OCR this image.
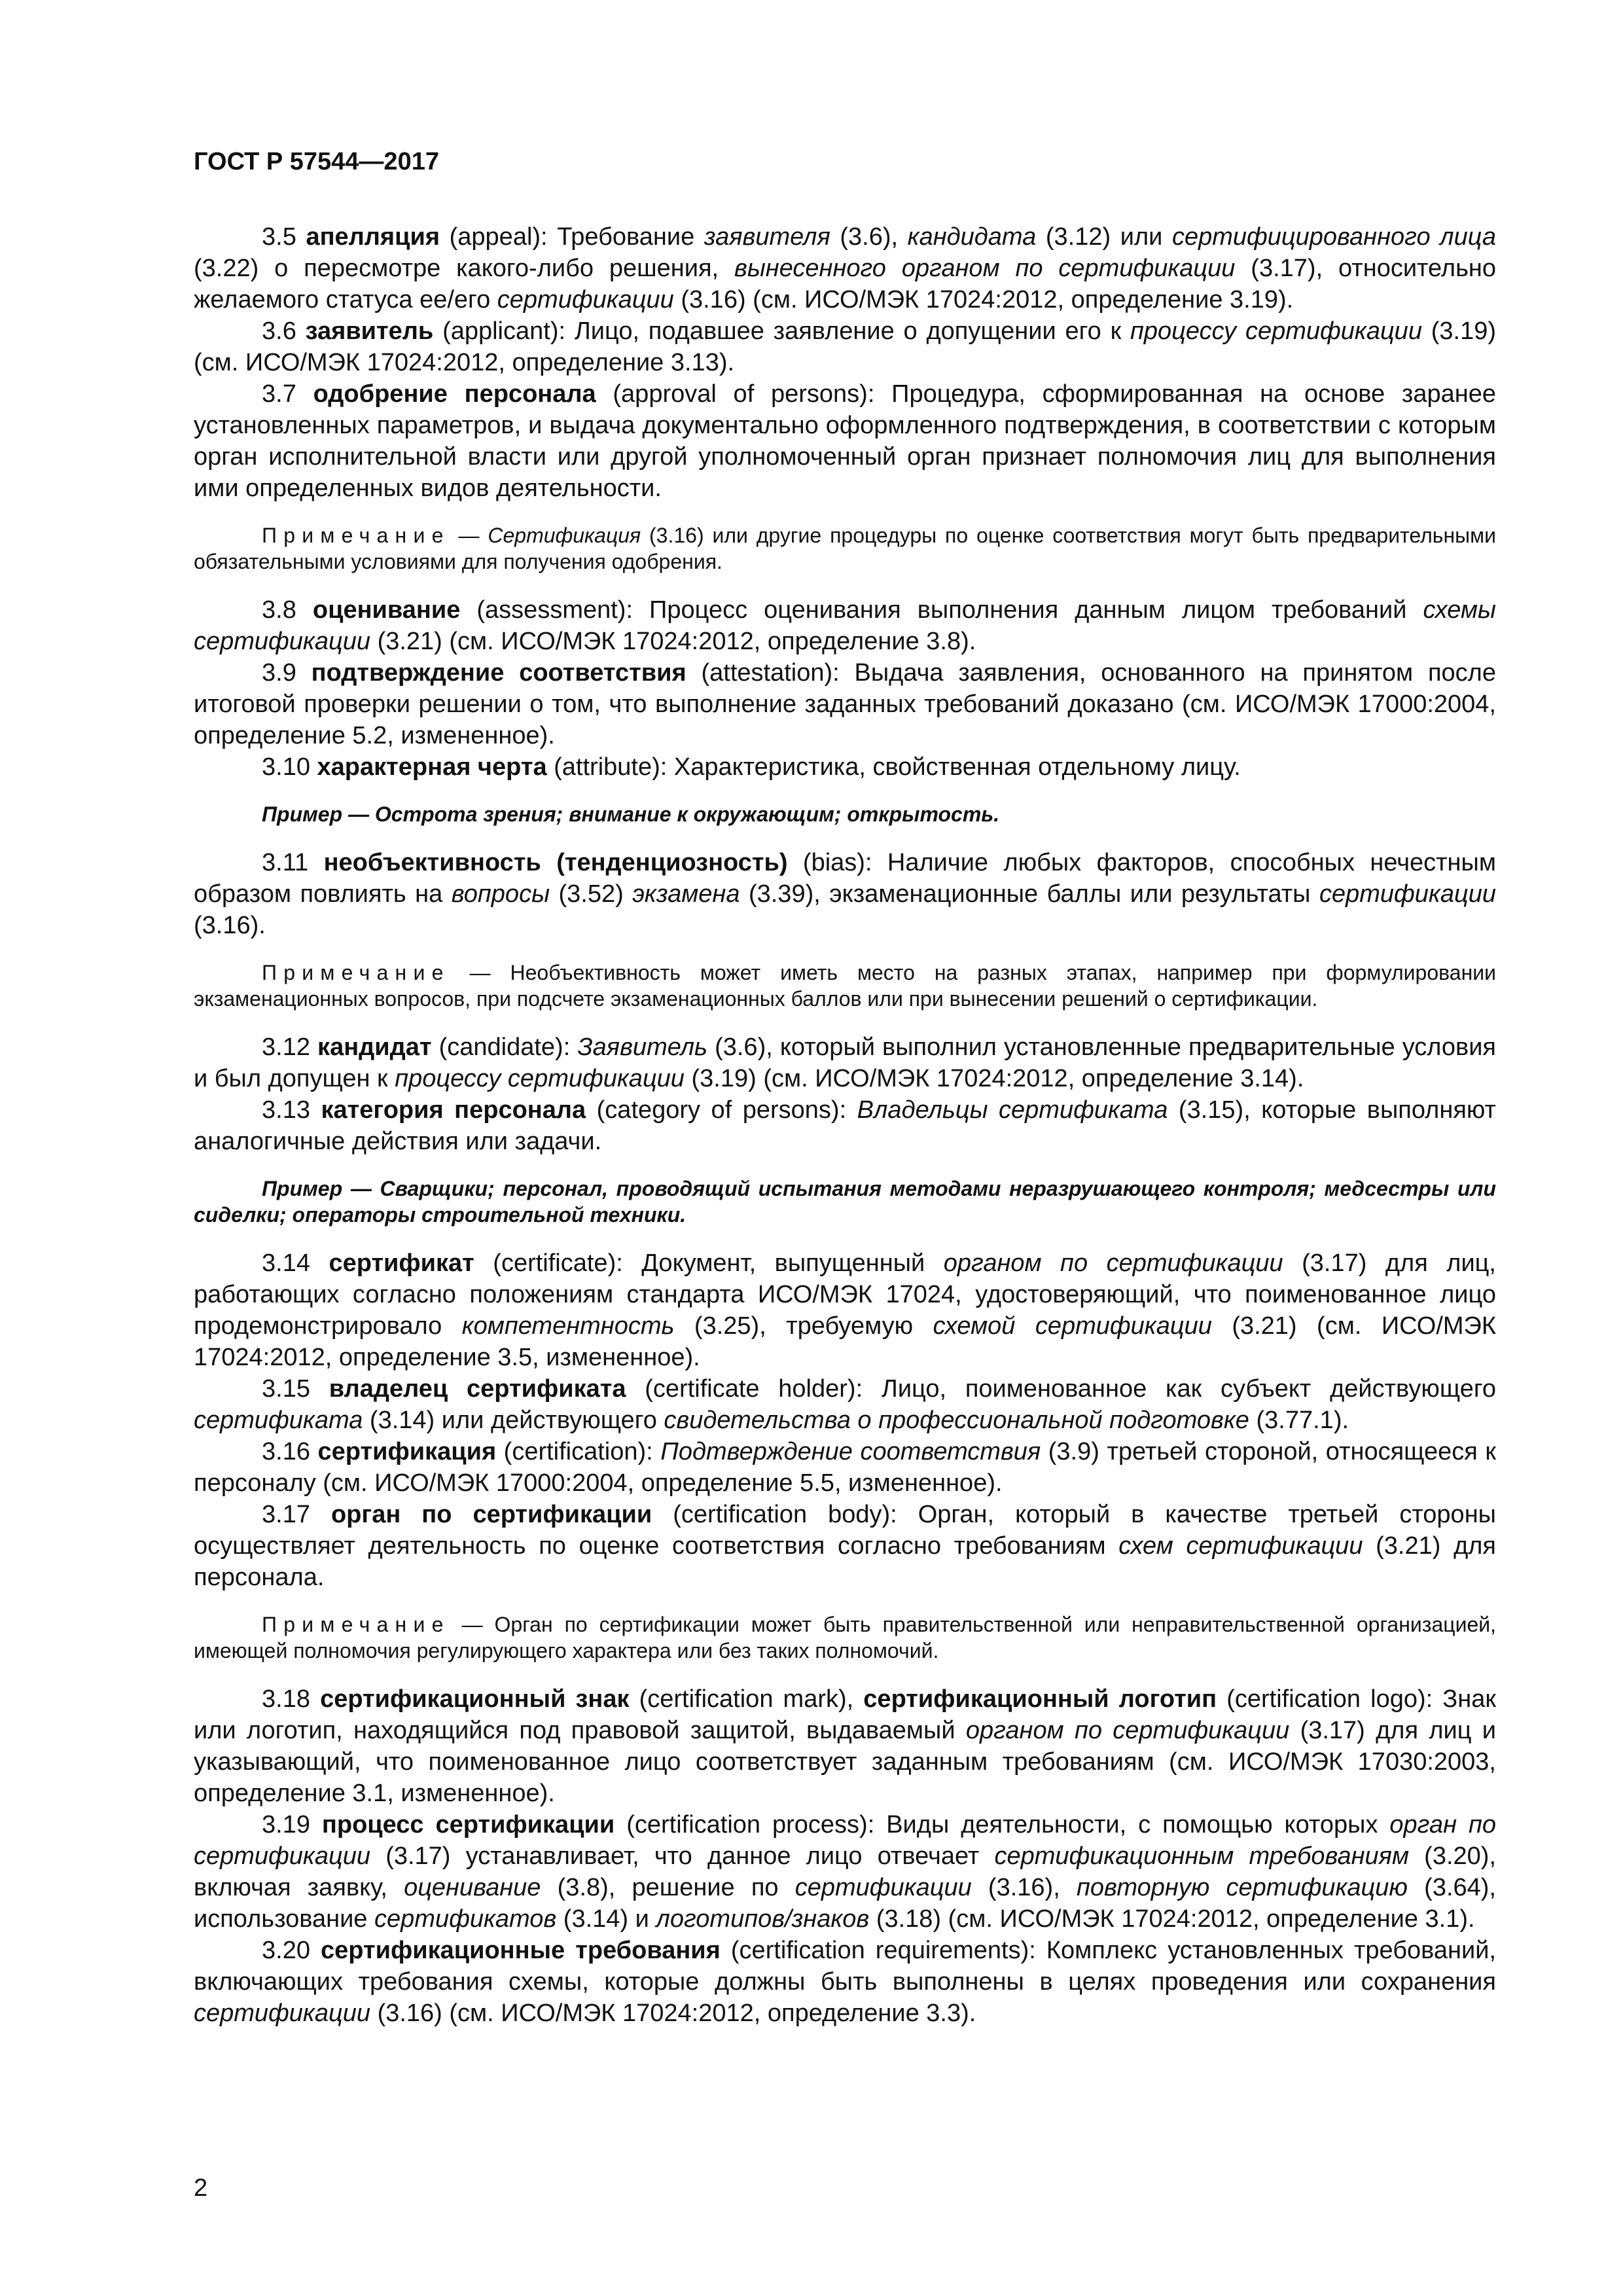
ГОСТ Р 57544—2017

3.5 апелляция (appeal): Требование заявителя (3.6), кандидата (3.12) или сертифицированного лица (3.22) о пересмотре какого-либо решения, вынесенного органом по сертификации (3.17), относительно желаемого статуса ее/его сертификации (3.16) (см. ИСО/МЭК 17024:2012, определение 3.19).

3.6 заявитель (applicant): Лицо, подавшее заявление о допущении его к процессу сертификации (3.19) (см. ИСО/МЭК 17024:2012, определение 3.13).

3.7 одобрение персонала (approval of persons): Процедура, сформированная на основе заранее установленных параметров, и выдача документально оформленного подтверждения, в соответствии с которым орган исполнительной власти или другой уполномоченный орган признает полномочия лиц для выполнения ими определенных видов деятельности.

Примечание — Сертификация (3.16) или другие процедуры по оценке соответствия могут быть предварительными обязательными условиями для получения одобрения.

3.8 оценивание (assessment): Процесс оценивания выполнения данным лицом требований схемы сертификации (3.21) (см. ИСО/МЭК 17024:2012, определение 3.8).

3.9 подтверждение соответствия (attestation): Выдача заявления, основанного на принятом после итоговой проверки решении о том, что выполнение заданных требований доказано (см. ИСО/МЭК 17000:2004, определение 5.2, измененное).

3.10 характерная черта (attribute): Характеристика, свойственная отдельному лицу.

Пример — Острота зрения; внимание к окружающим; открытость.

3.11 необъективность (тенденциозность) (bias): Наличие любых факторов, способных нечестным образом повлиять на вопросы (3.52) экзамена (3.39), экзаменационные баллы или результаты сертификации (3.16).

Примечание — Необъективность может иметь место на разных этапах, например при формулировании экзаменационных вопросов, при подсчете экзаменационных баллов или при вынесении решений о сертификации.

3.12 кандидат (candidate): Заявитель (3.6), который выполнил установленные предварительные условия и был допущен к процессу сертификации (3.19) (см. ИСО/МЭК 17024:2012, определение 3.14).

3.13 категория персонала (category of persons): Владельцы сертификата (3.15), которые выполняют аналогичные действия или задачи.

Пример — Сварщики; персонал, проводящий испытания методами неразрушающего контроля; медсестры или сиделки; операторы строительной техники.

3.14 сертификат (certificate): Документ, выпущенный органом по сертификации (3.17) для лиц, работающих согласно положениям стандарта ИСО/МЭК 17024, удостоверяющий, что поименованное лицо продемонстрировало компетентность (3.25), требуемую схемой сертификации (3.21) (см. ИСО/МЭК 17024:2012, определение 3.5, измененное).

3.15 владелец сертификата (certificate holder): Лицо, поименованное как субъект действующего сертификата (3.14) или действующего свидетельства о профессиональной подготовке (3.77.1).

3.16 сертификация (certification): Подтверждение соответствия (3.9) третьей стороной, относящееся к персоналу (см. ИСО/МЭК 17000:2004, определение 5.5, измененное).

3.17 орган по сертификации (certification body): Орган, который в качестве третьей стороны осуществляет деятельность по оценке соответствия согласно требованиям схем сертификации (3.21) для персонала.

Примечание — Орган по сертификации может быть правительственной или неправительственной организацией, имеющей полномочия регулирующего характера или без таких полномочий.

3.18 сертификационный знак (certification mark), сертификационный логотип (certification logo): Знак или логотип, находящийся под правовой защитой, выдаваемый органом по сертификации (3.17) для лиц и указывающий, что поименованное лицо соответствует заданным требованиям (см. ИСО/МЭК 17030:2003, определение 3.1, измененное).

3.19 процесс сертификации (certification process): Виды деятельности, с помощью которых орган по сертификации (3.17) устанавливает, что данное лицо отвечает сертификационным требованиям (3.20), включая заявку, оценивание (3.8), решение по сертификации (3.16), повторную сертификацию (3.64), использование сертификатов (3.14) и логотипов/знаков (3.18) (см. ИСО/МЭК 17024:2012, определение 3.1).

3.20 сертификационные требования (certification requirements): Комплекс установленных требований, включающих требования схемы, которые должны быть выполнены в целях проведения или сохранения сертификации (3.16) (см. ИСО/МЭК 17024:2012, определение 3.3).

2
